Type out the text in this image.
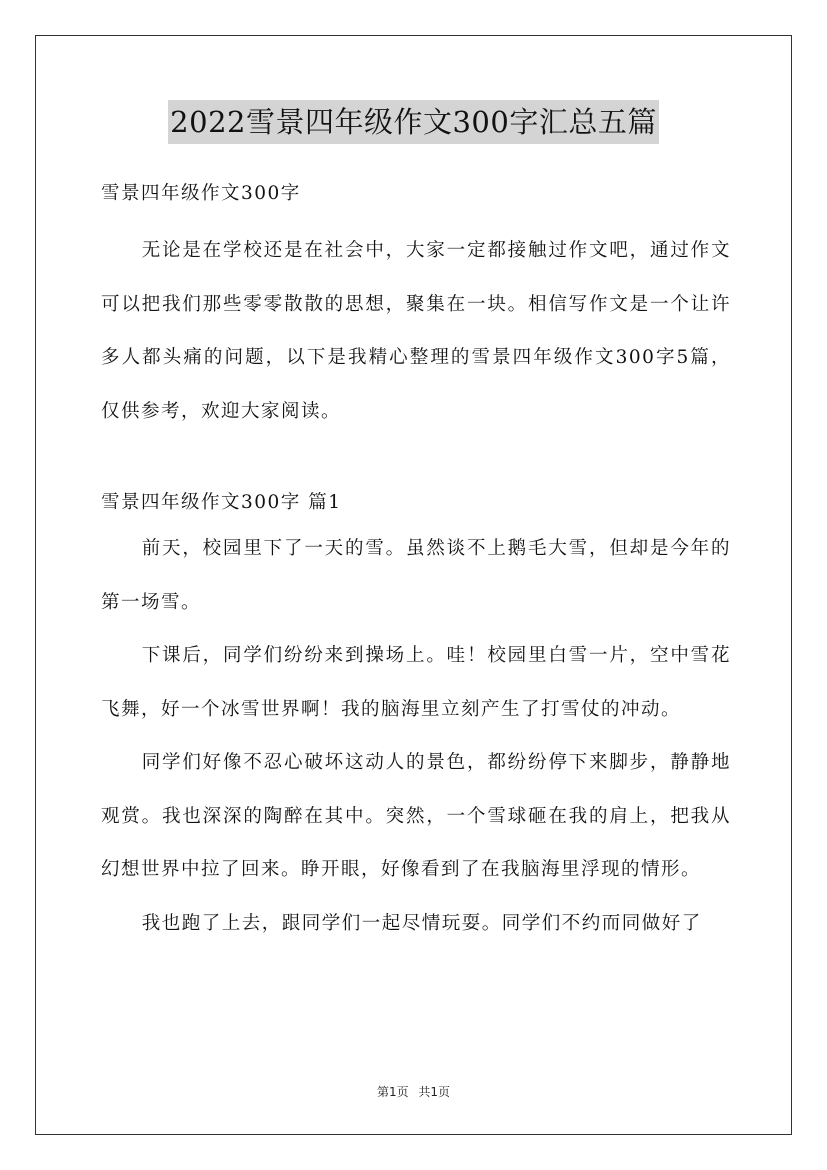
2022雪景四年级作文300字汇总五篇

雪景四年级作文300字

无论是在学校还是在社会中，大家一定都接触过作文吧，通过作文可以把我们那些零零散散的思想，聚集在一块。相信写作文是一个让许多人都头痛的问题，以下是我精心整理的雪景四年级作文300字5篇，仅供参考，欢迎大家阅读。

雪景四年级作文300字 篇1

前天，校园里下了一天的雪。虽然谈不上鹅毛大雪，但却是今年的第一场雪。

下课后，同学们纷纷来到操场上。哇！校园里白雪一片，空中雪花飞舞，好一个冰雪世界啊！我的脑海里立刻产生了打雪仗的冲动。

同学们好像不忍心破坏这动人的景色，都纷纷停下来脚步，静静地观赏。我也深深的陶醉在其中。突然，一个雪球砸在我的肩上，把我从幻想世界中拉了回来。睁开眼，好像看到了在我脑海里浮现的情形。

我也跑了上去，跟同学们一起尽情玩耍。同学们不约而同做好了

第1页 共1页
